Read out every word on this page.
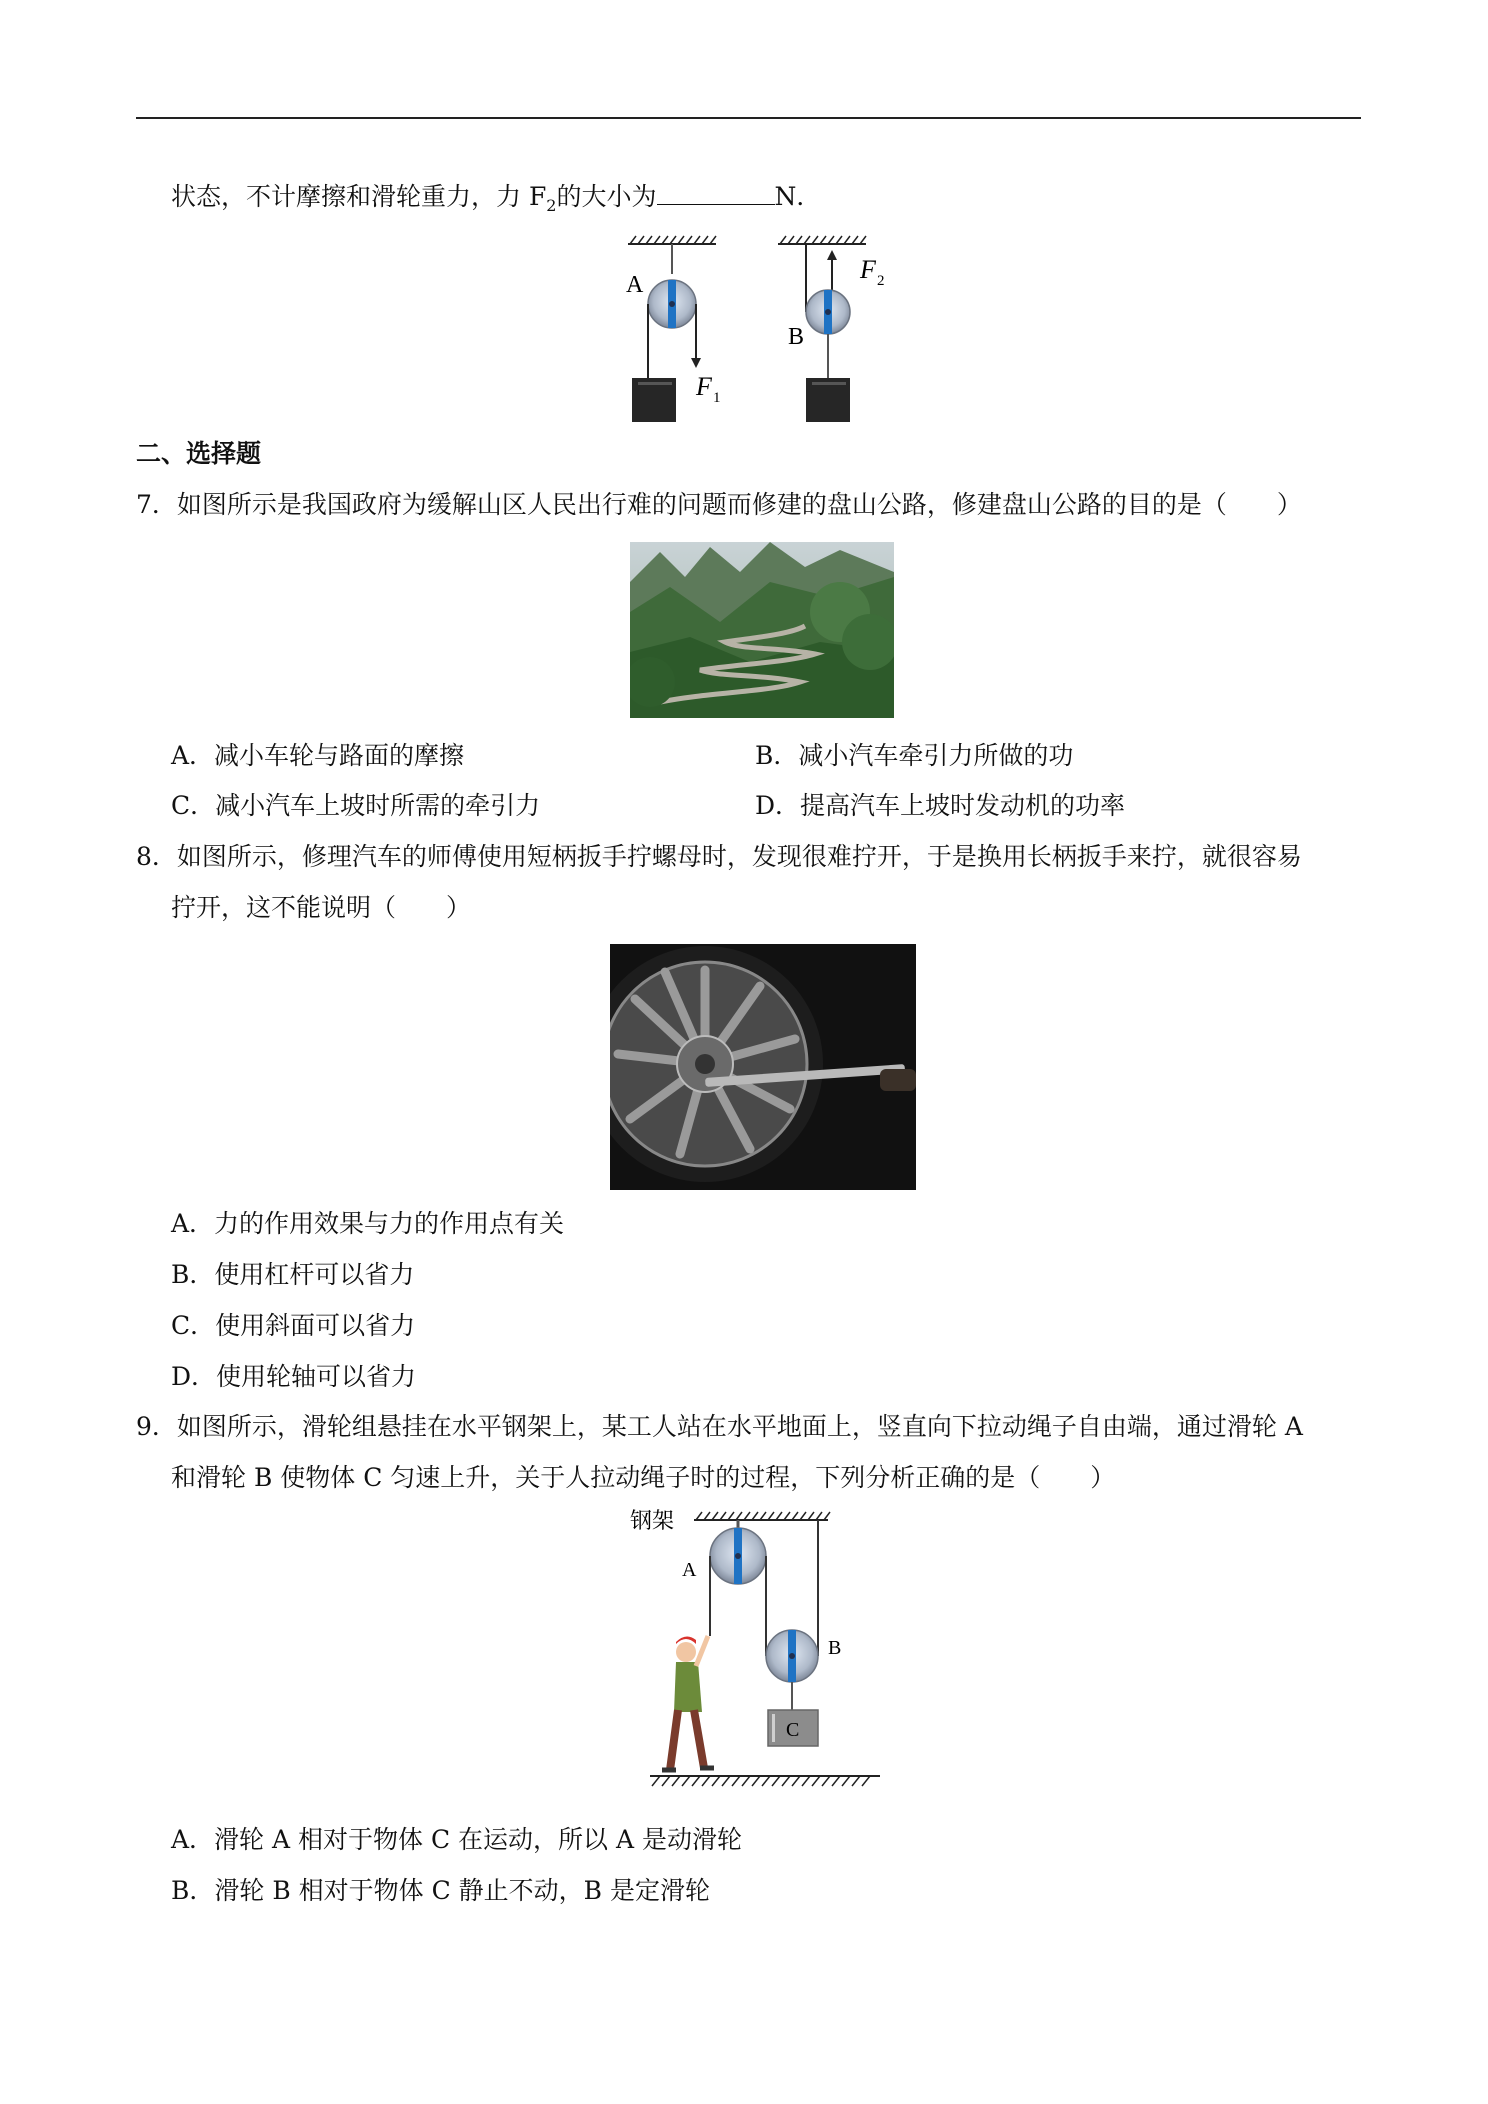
状态，不计摩擦和滑轮重力，力 $F_2$的大小为	N．
A
F 1
B
F 2
二、选择题
7．如图所示是我国政府为缓解山区人民出行难的问题而修建的盘山公路，修建盘山公路的目的是（　　）
A．减小车轮与路面的摩擦	B．减小汽车牵引力所做的功
C．减小汽车上坡时所需的牵引力	D．提高汽车上坡时发动机的功率
8．如图所示，修理汽车的师傅使用短柄扳手拧螺母时，发现很难拧开，于是换用长柄扳手来拧，就很容易
拧开，这不能说明（　　）
A．力的作用效果与力的作用点有关
B．使用杠杆可以省力
C．使用斜面可以省力
D．使用轮轴可以省力
9．如图所示，滑轮组悬挂在水平钢架上，某工人站在水平地面上，竖直向下拉动绳子自由端，通过滑轮 A
和滑轮 B 使物体 C 匀速上升，关于人拉动绳子时的过程，下列分析正确的是（　　）
钢架
A
B
C
A．滑轮 A 相对于物体 C 在运动，所以 A 是动滑轮
B．滑轮 B 相对于物体 C 静止不动，B 是定滑轮
